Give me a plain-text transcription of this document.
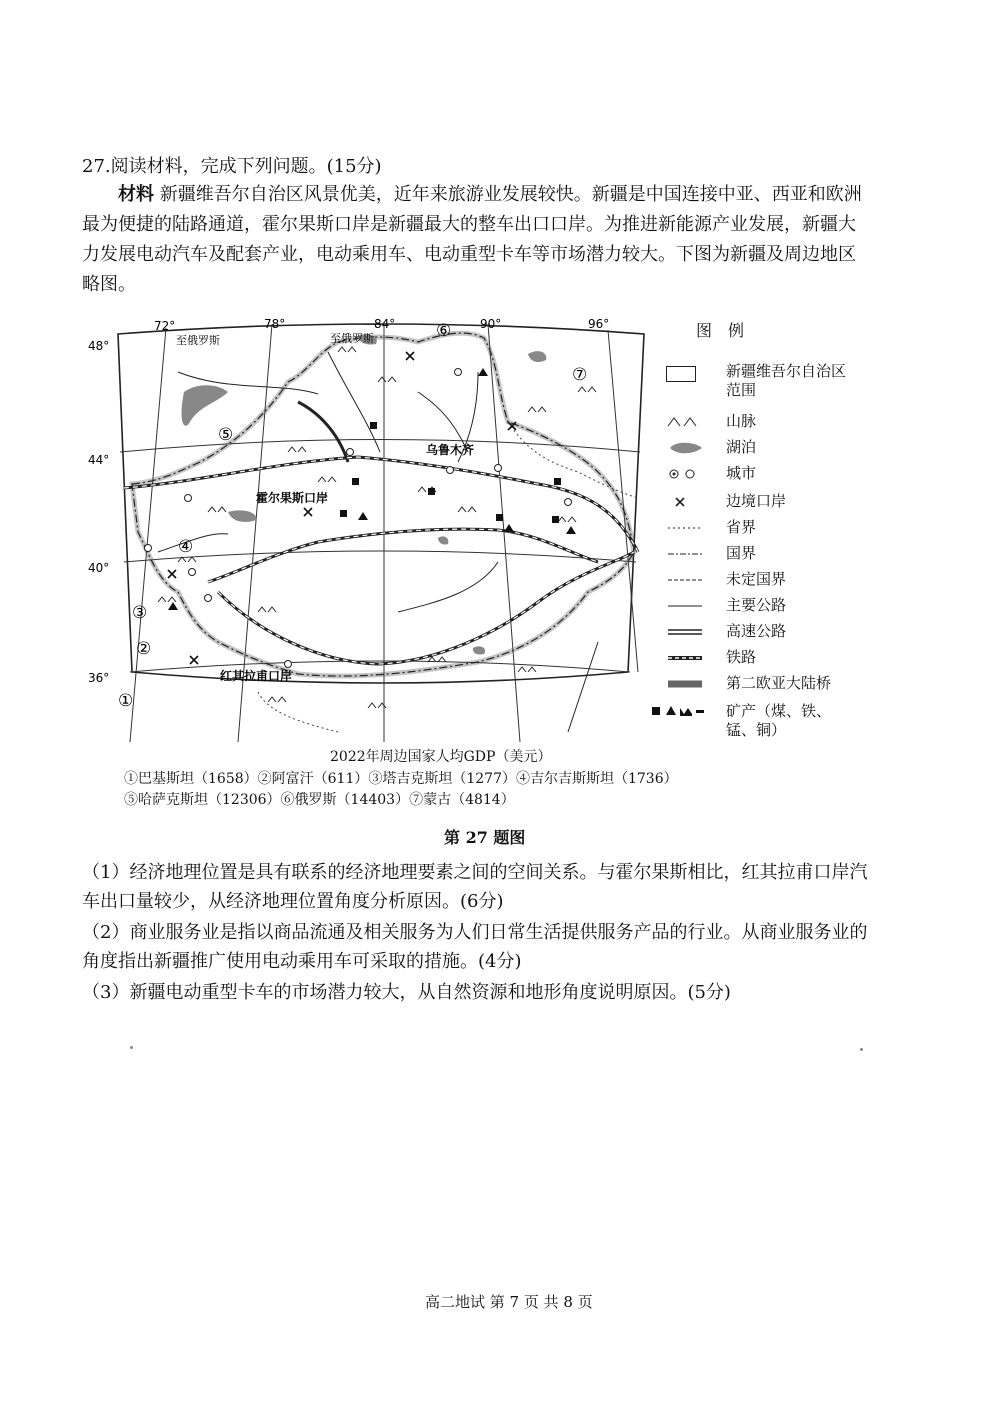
27.阅读材料，完成下列问题。(15分)
材料 新疆维吾尔自治区风景优美，近年来旅游业发展较快。新疆是中国连接中亚、西亚和欧洲最为便捷的陆路通道，霍尔果斯口岸是新疆最大的整车出口口岸。为推进新能源产业发展，新疆大力发展电动汽车及配套产业，电动乘用车、电动重型卡车等市场潜力较大。下图为新疆及周边地区略图。
72°	78°	84°	90°	96°
48°
44°
40°
36°
至俄罗斯	至俄罗斯
乌鲁木齐
霍尔果斯口岸
红其拉甫口岸
①
②
③
④
⑤
⑥
⑦
图例
新疆维吾尔自治区范围
山脉
湖泊
城市
边境口岸
省界
国界
未定国界
主要公路
高速公路
铁路
第二欧亚大陆桥
矿产（煤、铁、锰、铜）
2022年周边国家人均GDP（美元）
①巴基斯坦（1658）②阿富汗（611）③塔吉克斯坦（1277）④吉尔吉斯斯坦（1736）
⑤哈萨克斯坦（12306）⑥俄罗斯（14403）⑦蒙古（4814）
第 27 题图
（1）经济地理位置是具有联系的经济地理要素之间的空间关系。与霍尔果斯相比，红其拉甫口岸汽车出口量较少，从经济地理位置角度分析原因。(6分)
（2）商业服务业是指以商品流通及相关服务为人们日常生活提供服务产品的行业。从商业服务业的角度指出新疆推广使用电动乘用车可采取的措施。(4分)
（3）新疆电动重型卡车的市场潜力较大，从自然资源和地形角度说明原因。(5分)
高二地试 第 7 页 共 8 页
